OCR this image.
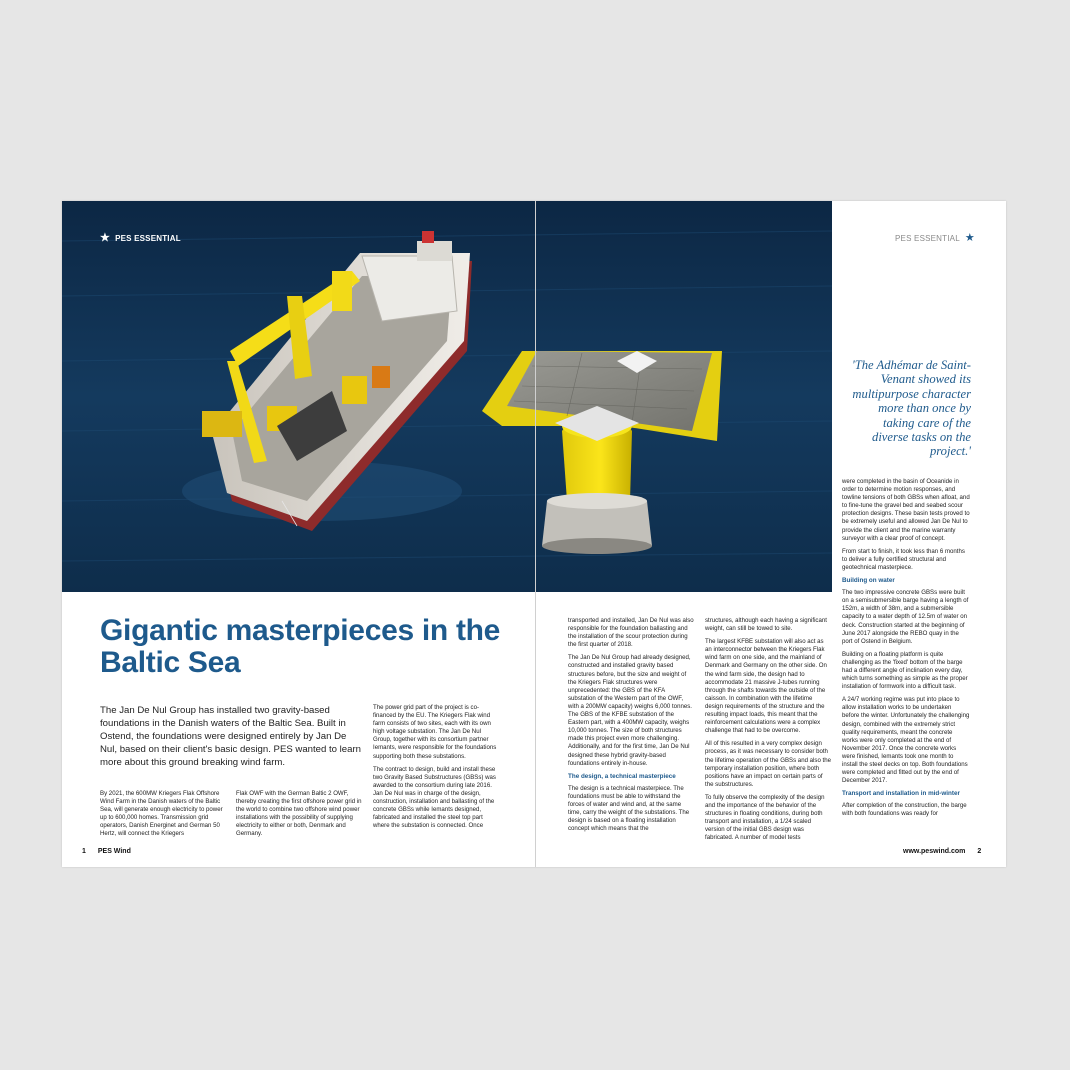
★ PES ESSENTIAL	PES ESSENTIAL ★
Gigantic masterpieces in the Baltic Sea

The Jan De Nul Group has installed two gravity-based foundations in the Danish waters of the Baltic Sea. Built in Ostend, the foundations were designed entirely by Jan De Nul, based on their client's basic design. PES wanted to learn more about this ground breaking wind farm.

By 2021, the 600MW Kriegers Flak Offshore Wind Farm in the Danish waters of the Baltic Sea, will generate enough electricity to power up to 600,000 homes. Transmission grid operators, Danish Energinet and German 50 Hertz, will connect the Kriegers

Flak OWF with the German Baltic 2 OWF, thereby creating the first offshore power grid in the world to combine two offshore wind power installations with the possibility of supplying electricity to either or both, Denmark and Germany.

The power grid part of the project is co-financed by the EU. The Kriegers Flak wind farm consists of two sites, each with its own high voltage substation. The Jan De Nul Group, together with its consortium partner Iemants, were responsible for the foundations supporting both these substations.

The contract to design, build and install these two Gravity Based Substructures (GBSs) was awarded to the consortium during late 2016. Jan De Nul was in charge of the design, construction, installation and ballasting of the concrete GBSs while Iemants designed, fabricated and installed the steel top part where the substation is connected. Once

transported and installed, Jan De Nul was also responsible for the foundation ballasting and the installation of the scour protection during the first quarter of 2018.

The Jan De Nul Group had already designed, constructed and installed gravity based structures before, but the size and weight of the Kriegers Flak structures were unprecedented: the GBS of the KFA substation of the Western part of the OWF, with a 200MW capacity) weighs 6,000 tonnes. The GBS of the KFBE substation of the Eastern part, with a 400MW capacity, weighs 10,000 tonnes. The size of both structures made this project even more challenging. Additionally, and for the first time, Jan De Nul designed these hybrid gravity-based foundations entirely in-house.

The design, a technical masterpiece

The design is a technical masterpiece. The foundations must be able to withstand the forces of water and wind and, at the same time, carry the weight of the substations. The design is based on a floating installation concept which means that the

structures, although each having a significant weight, can still be towed to site.

The largest KFBE substation will also act as an interconnector between the Kriegers Flak wind farm on one side, and the mainland of Denmark and Germany on the other side. On the wind farm side, the design had to accommodate 21 massive J-tubes running through the shafts towards the outside of the caisson. In combination with the lifetime design requirements of the structure and the resulting impact loads, this meant that the reinforcement calculations were a complex challenge that had to be overcome.

All of this resulted in a very complex design process, as it was necessary to consider both the lifetime operation of the GBSs and also the temporary installation position, where both positions have an impact on certain parts of the substructures.

To fully observe the complexity of the design and the importance of the behavior of the structures in floating conditions, during both transport and installation, a 1/24 scaled version of the initial GBS design was fabricated. A number of model tests

'The Adhémar de Saint-Venant showed its multipurpose character more than once by taking care of the diverse tasks on the project.'

were completed in the basin of Oceanide in order to determine motion responses, and towline tensions of both GBSs when afloat, and to fine-tune the gravel bed and seabed scour protection designs. These basin tests proved to be extremely useful and allowed Jan De Nul to provide the client and the marine warranty surveyor with a clear proof of concept.

From start to finish, it took less than 6 months to deliver a fully certified structural and geotechnical masterpiece.

Building on water

The two impressive concrete GBSs were built on a semisubmersible barge having a length of 152m, a width of 38m, and a submersible capacity to a water depth of 12.5m of water on deck. Construction started at the beginning of June 2017 alongside the REBO quay in the port of Ostend in Belgium.

Building on a floating platform is quite challenging as the 'fixed' bottom of the barge had a different angle of inclination every day, which turns something as simple as the proper installation of formwork into a difficult task.

A 24/7 working regime was put into place to allow installation works to be undertaken before the winter. Unfortunately the challenging design, combined with the extremely strict quality requirements, meant the concrete works were only completed at the end of November 2017. Once the concrete works were finished, Iemants took one month to install the steel decks on top. Both foundations were completed and fitted out by the end of December 2017.

Transport and installation in mid-winter

After completion of the construction, the barge with both foundations was ready for

1 PES Wind	www.peswind.com 2
